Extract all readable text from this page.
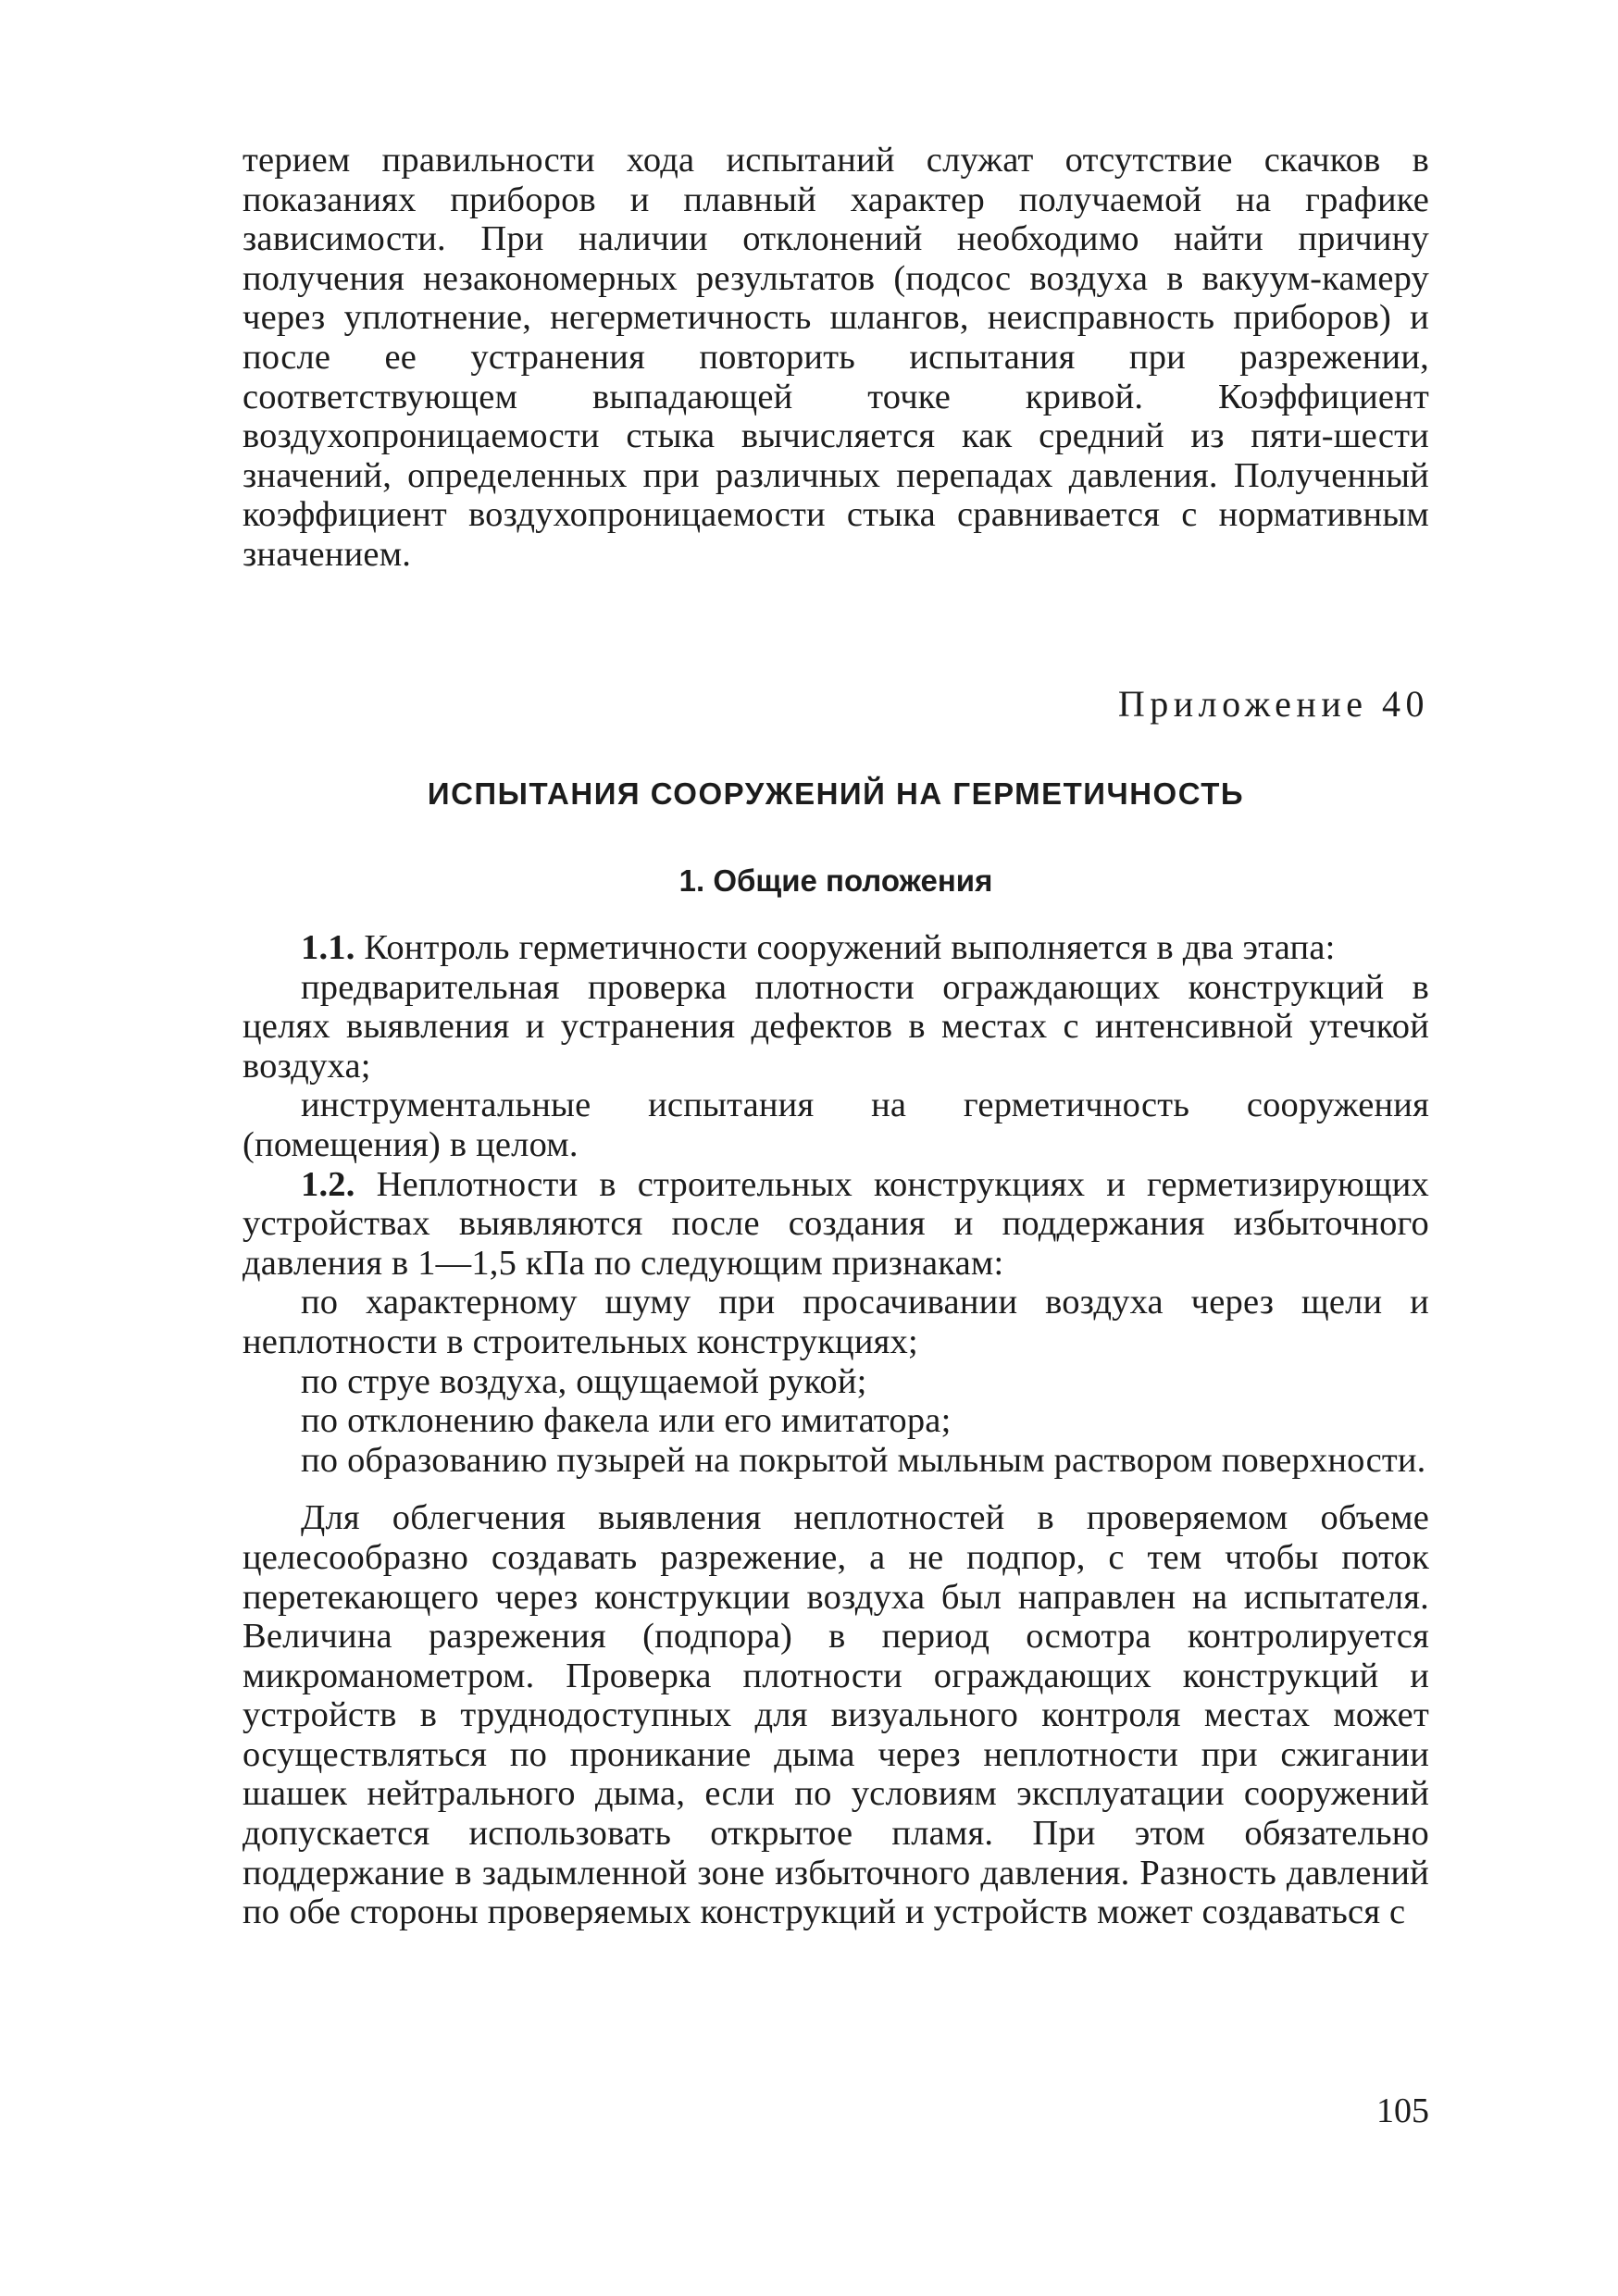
терием правильности хода испытаний служат отсутствие скачков в показаниях приборов и плавный характер получаемой на графике зависимости. При наличии отклонений необходимо найти причину получения незакономерных результатов (подсос воздуха в вакуум-камеру через уплотнение, негерметичность шлангов, неисправность приборов) и после ее устранения повторить испытания при разрежении, соответствующем выпадающей точке кривой. Коэффициент воздухопроницаемости стыка вычисляется как средний из пяти-шести значений, определенных при различных перепадах давления. Полученный коэффициент воздухопроницаемости стыка сравнивается с нормативным значением.

Приложение 40
ИСПЫТАНИЯ СООРУЖЕНИЙ НА ГЕРМЕТИЧНОСТЬ
1. Общие положения

1.1. Контроль герметичности сооружений выполняется в два этапа:

предварительная проверка плотности ограждающих конструкций в целях выявления и устранения дефектов в местах с интенсивной утечкой воздуха;

инструментальные испытания на герметичность сооружения (помещения) в целом.

1.2. Неплотности в строительных конструкциях и герметизирующих устройствах выявляются после создания и поддержания избыточного давления в 1—1,5 кПа по следующим признакам:

по характерному шуму при просачивании воздуха через щели и неплотности в строительных конструкциях;

по струе воздуха, ощущаемой рукой;

по отклонению факела или его имитатора;

по образованию пузырей на покрытой мыльным раствором поверхности.

Для облегчения выявления неплотностей в проверяемом объеме целесообразно создавать разрежение, а не подпор, с тем чтобы поток перетекающего через конструкции воздуха был направлен на испытателя. Величина разрежения (подпора) в период осмотра контролируется микроманометром. Проверка плотности ограждающих конструкций и устройств в труднодоступных для визуального контроля местах может осуществляться по проникание дыма через неплотности при сжигании шашек нейтрального дыма, если по условиям эксплуатации сооружений допускается использовать открытое пламя. При этом обязательно поддержание в задымленной зоне избыточного давления. Разность давлений по обе стороны проверяемых конструкций и устройств может создаваться с

105
